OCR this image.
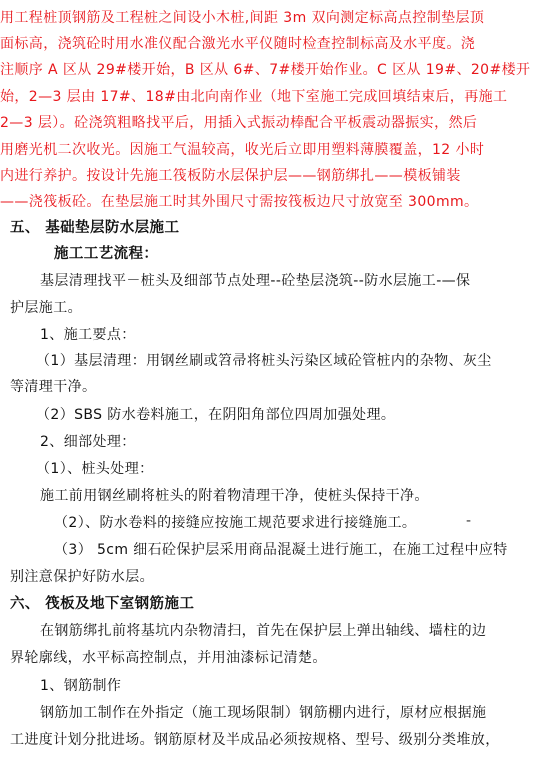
用工程桩顶钢筋及工程桩之间设小木桩,间距 3m 双向测定标高点控制垫层顶
面标高，浇筑砼时用水准仪配合激光水平仪随时检查控制标高及水平度。浇
注顺序 A 区从 29#楼开始，B 区从 6#、7#楼开始作业。C 区从 19#、20#楼开
始，2—3 层由 17#、18#由北向南作业（地下室施工完成回填结束后，再施工
2—3 层）。砼浇筑粗略找平后，用插入式振动棒配合平板震动器振实，然后
用磨光机二次收光。因施工气温较高，收光后立即用塑料薄膜覆盖，12 小时
内进行养护。按设计先施工筏板防水层保护层——钢筋绑扎——模板铺装
——浇筏板砼。在垫层施工时其外围尺寸需按筏板边尺寸放宽至 300mm。
五、 基础垫层防水层施工
施工工艺流程：
基层清理找平－桩头及细部节点处理--砼垫层浇筑--防水层施工-—保
护层施工。
1、施工要点：
（1）基层清理：用钢丝刷或笤帚将桩头污染区域砼管桩内的杂物、灰尘
等清理干净。
（2）SBS 防水卷料施工，在阴阳角部位四周加强处理。
2、细部处理：
（1）、桩头处理：
施工前用钢丝刷将桩头的附着物清理干净，使桩头保持干净。
（2）、防水卷料的接缝应按施工规范要求进行接缝施工。	-
（3） 5cm 细石砼保护层采用商品混凝土进行施工，在施工过程中应特
别注意保护好防水层。
六、 筏板及地下室钢筋施工
在钢筋绑扎前将基坑内杂物清扫，首先在保护层上弹出轴线、墙柱的边
界轮廓线，水平标高控制点，并用油漆标记清楚。
1、钢筋制作
钢筋加工制作在外指定（施工现场限制）钢筋棚内进行，原材应根据施
工进度计划分批进场。钢筋原材及半成品必须按规格、型号、级别分类堆放，
